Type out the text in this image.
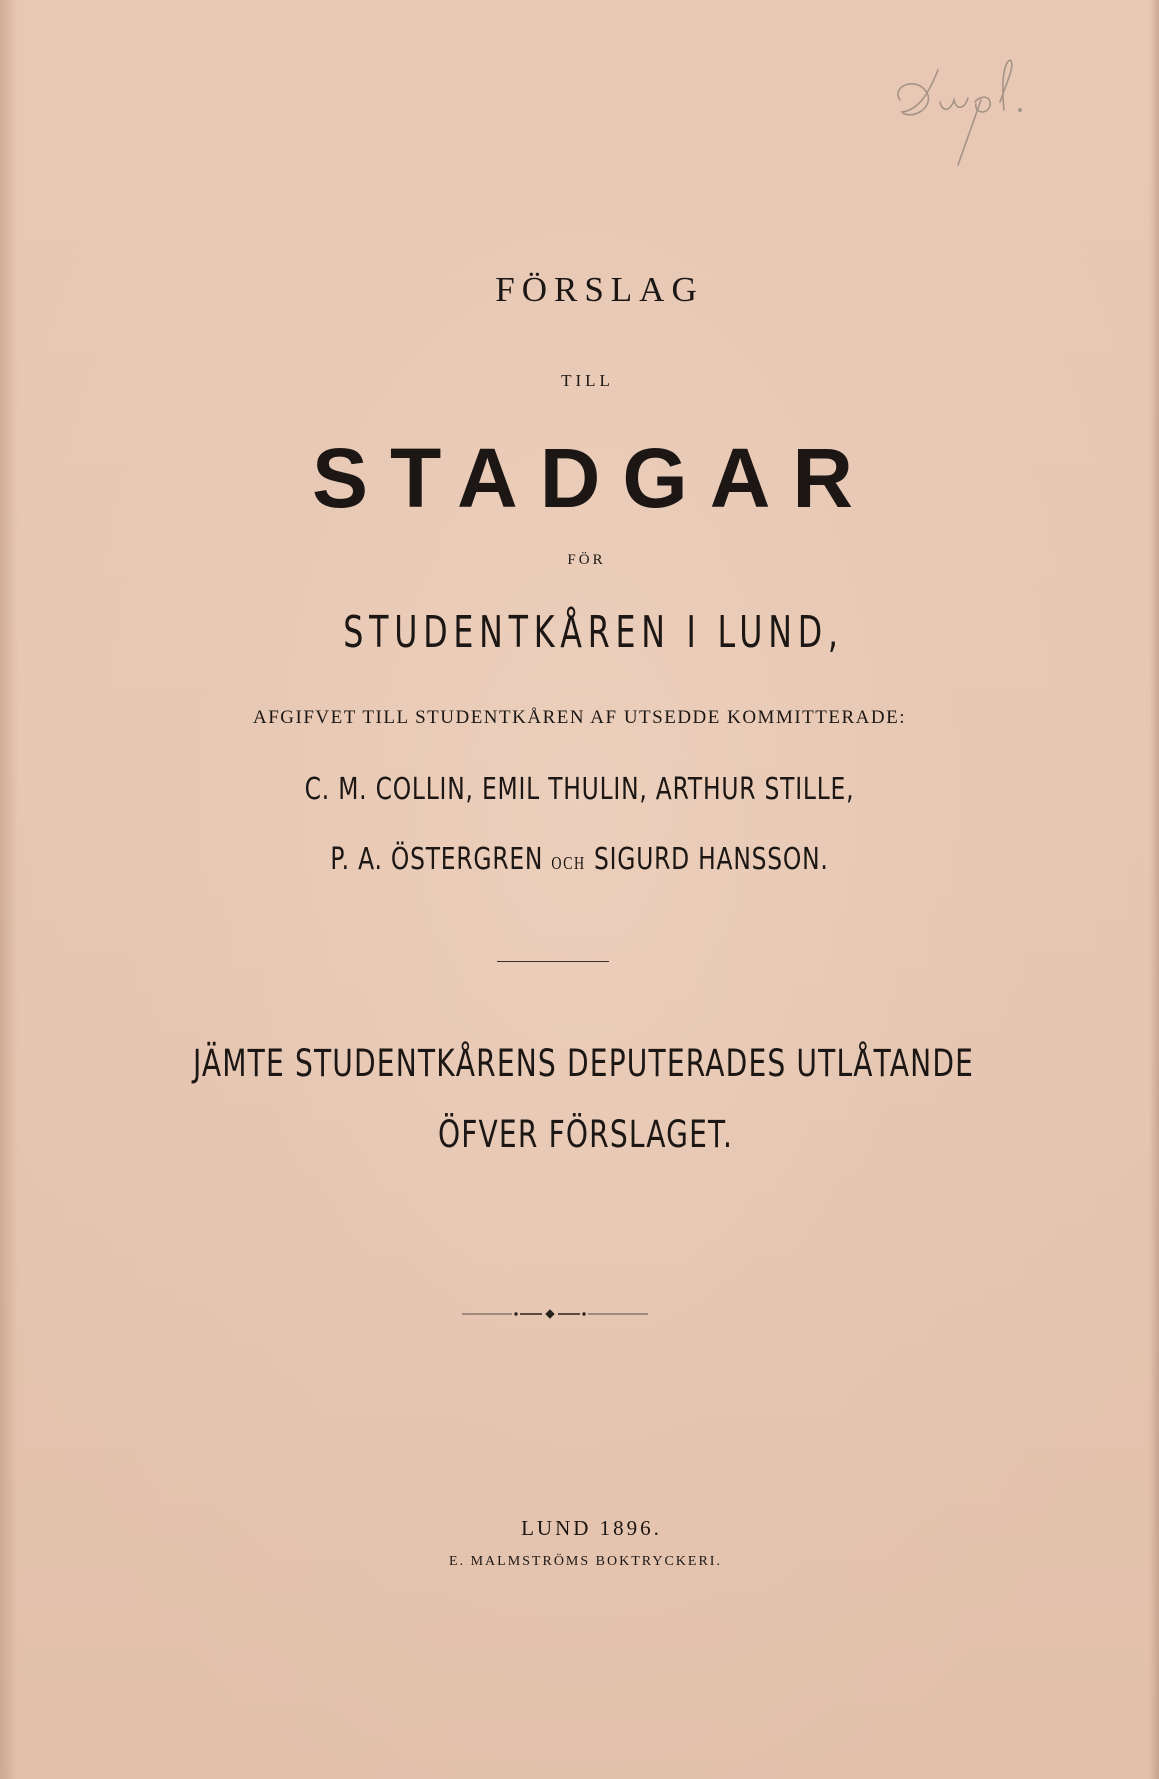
FÖRSLAG

TILL

STADGAR

FÖR

STUDENTKÅREN I LUND,

AFGIFVET TILL STUDENTKÅREN AF UTSEDDE KOMMITTERADE:

C. M. COLLIN, EMIL THULIN, ARTHUR STILLE,

P. A. ÖSTERGREN OCH SIGURD HANSSON.

JÄMTE STUDENTKÅRENS DEPUTERADES UTLÅTANDE

ÖFVER FÖRSLAGET.

LUND 1896.

E. MALMSTRÖMS BOKTRYCKERI.
